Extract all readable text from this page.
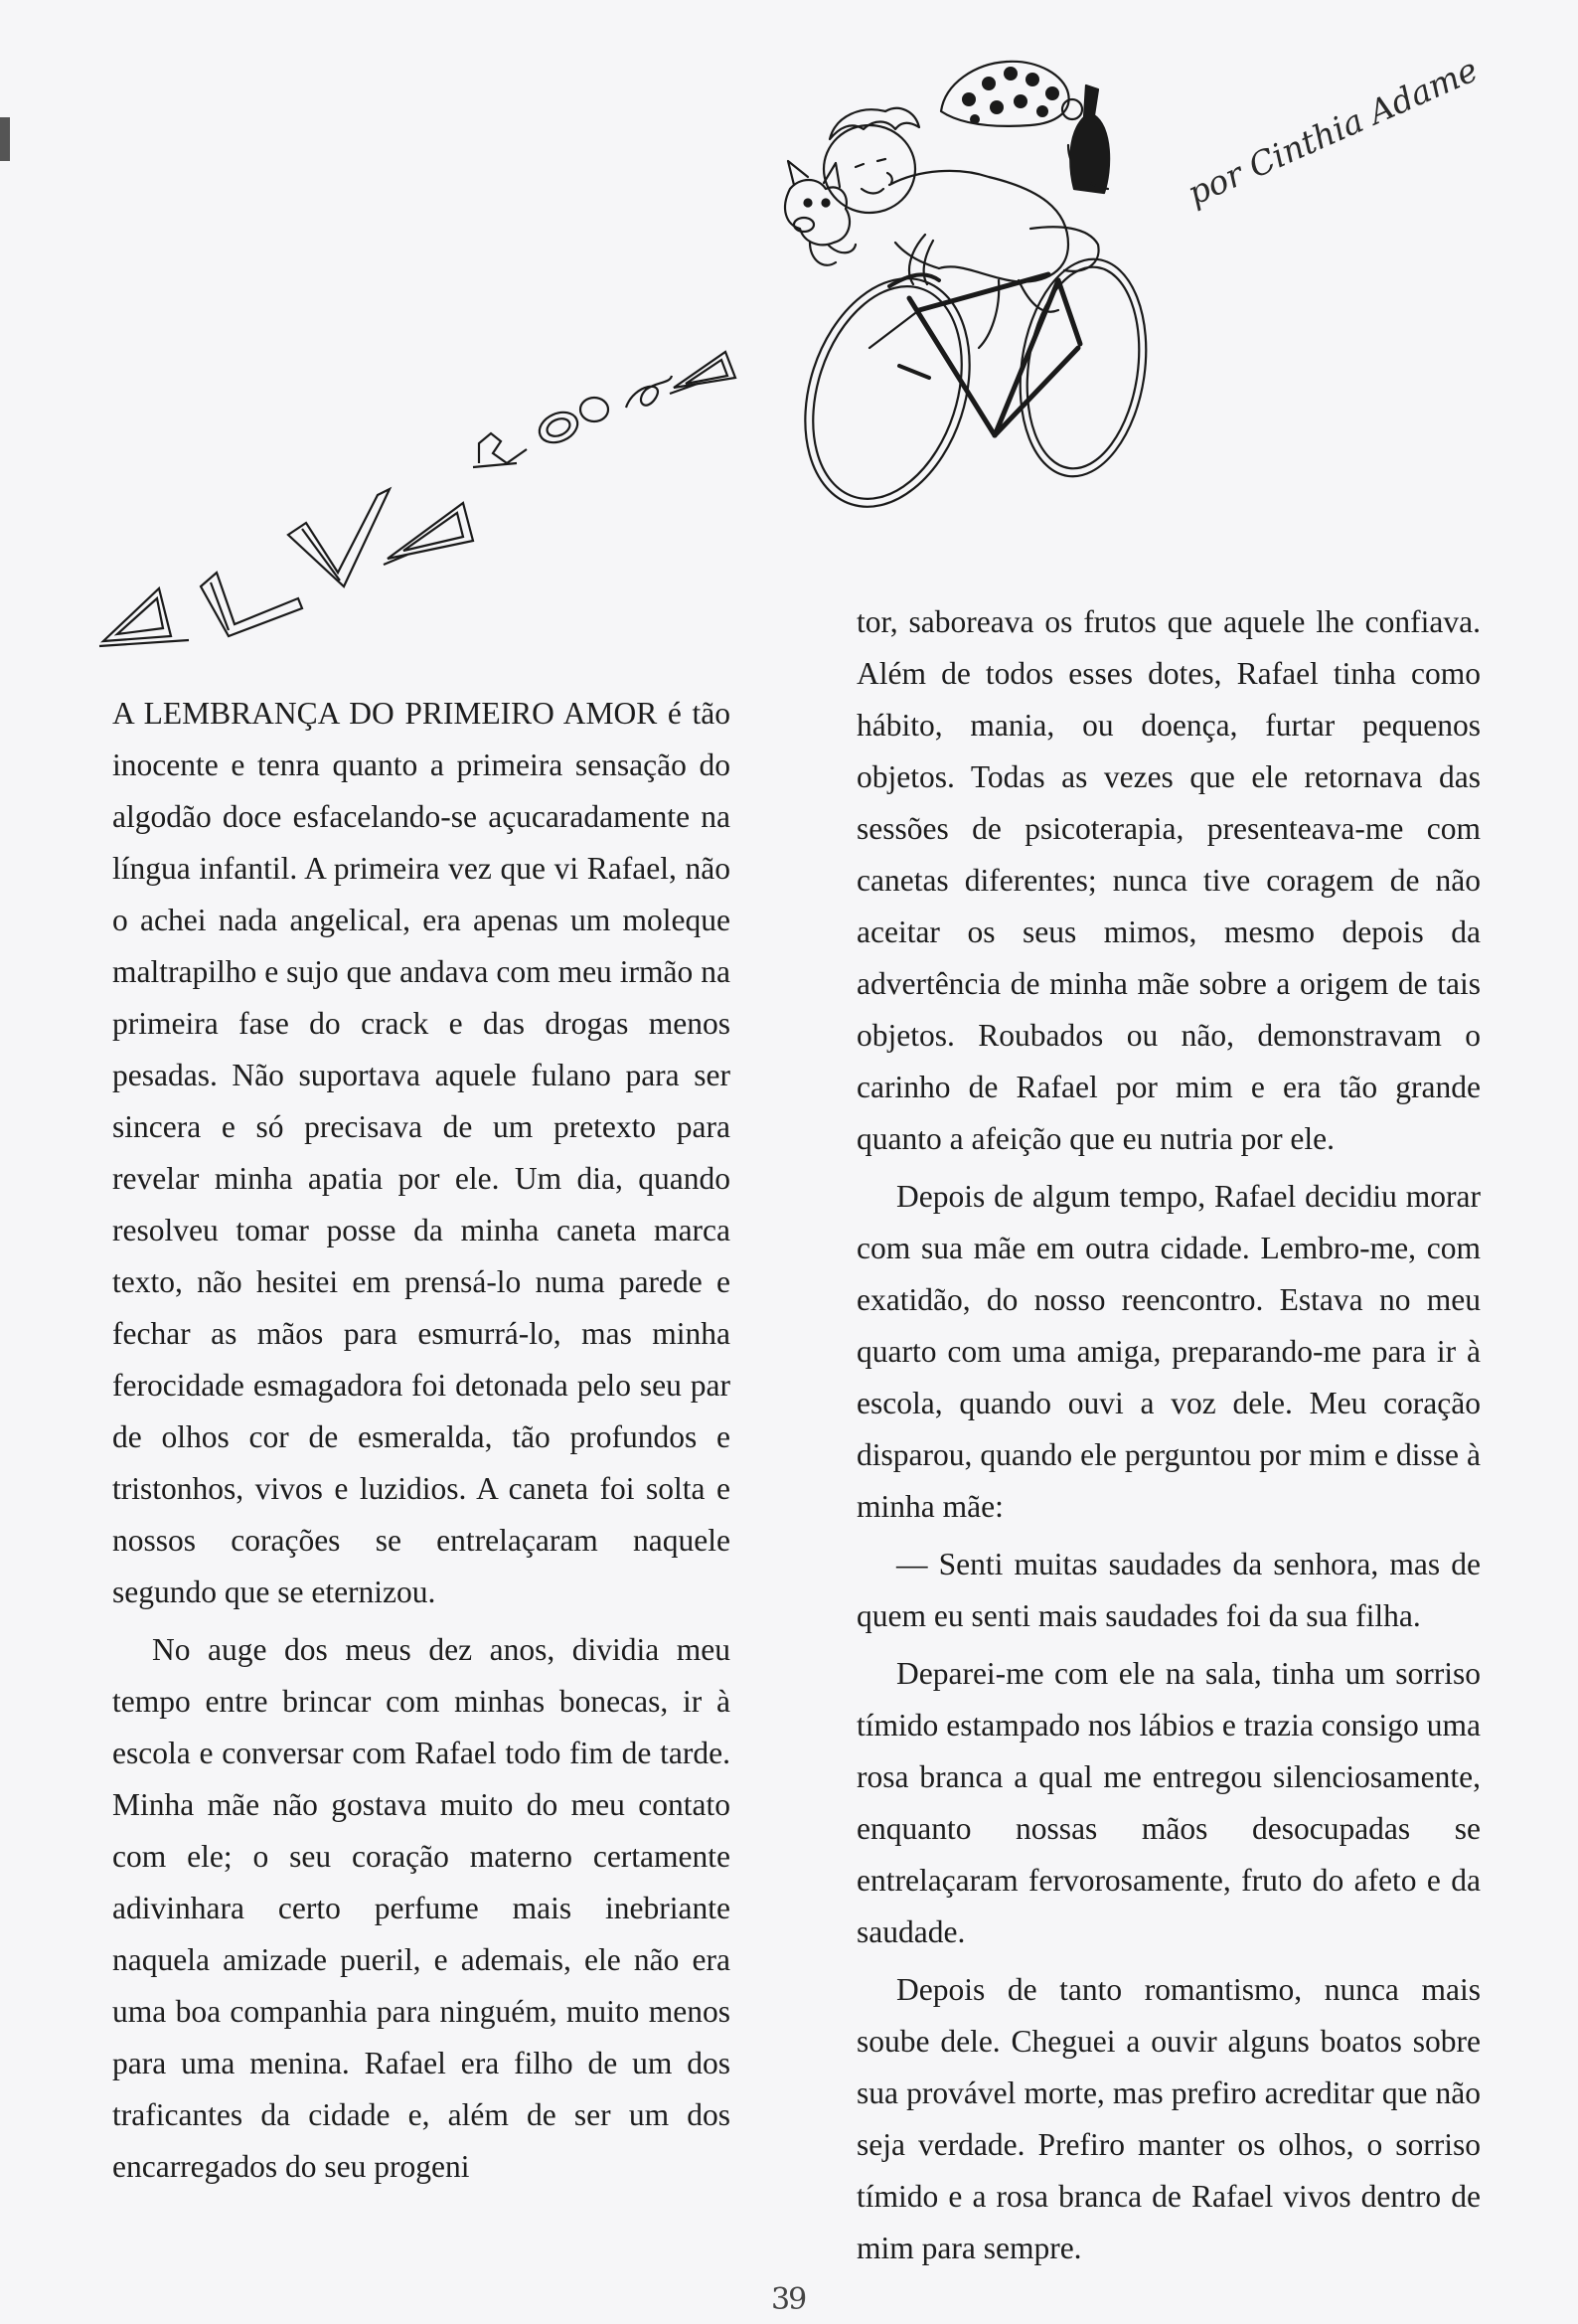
por Cinthia Adame

A LEMBRANÇA DO PRIMEIRO AMOR é tão inocente e tenra quanto a primeira sensação do algodão doce esfacelando-se açucaradamente na língua infantil. A primeira vez que vi Rafael, não o achei nada angelical, era apenas um moleque maltrapilho e sujo que andava com meu irmão na primeira fase do crack e das drogas menos pesadas. Não suportava aquele fulano para ser sincera e só precisava de um pretexto para revelar minha apatia por ele. Um dia, quando resolveu tomar posse da minha caneta marca texto, não hesitei em prensá-lo numa parede e fechar as mãos para esmurrá-lo, mas minha ferocidade esmagadora foi detonada pelo seu par de olhos cor de esmeralda, tão profundos e tristonhos, vivos e luzidios. A caneta foi solta e nossos corações se entrelaçaram naquele segundo que se eternizou.

No auge dos meus dez anos, dividia meu tempo entre brincar com minhas bonecas, ir à escola e conversar com Rafael todo fim de tarde. Minha mãe não gostava muito do meu contato com ele; o seu coração materno certamente adivinhara certo perfume mais inebriante naquela amizade pueril, e ademais, ele não era uma boa companhia para ninguém, muito menos para uma menina. Rafael era filho de um dos traficantes da cidade e, além de ser um dos encarregados do seu progeni

tor, saboreava os frutos que aquele lhe confiava. Além de todos esses dotes, Rafael tinha como hábito, mania, ou doença, furtar pequenos objetos. Todas as vezes que ele retornava das sessões de psicoterapia, presenteava-me com canetas diferentes; nunca tive coragem de não aceitar os seus mimos, mesmo depois da advertência de minha mãe sobre a origem de tais objetos. Roubados ou não, demonstravam o carinho de Rafael por mim e era tão grande quanto a afeição que eu nutria por ele.

Depois de algum tempo, Rafael decidiu morar com sua mãe em outra cidade. Lembro-me, com exatidão, do nosso reencontro. Estava no meu quarto com uma amiga, preparando-me para ir à escola, quando ouvi a voz dele. Meu coração disparou, quando ele perguntou por mim e disse à minha mãe:

— Senti muitas saudades da senhora, mas de quem eu senti mais saudades foi da sua filha.

Deparei-me com ele na sala, tinha um sorriso tímido estampado nos lábios e trazia consigo uma rosa branca a qual me entregou silenciosamente, enquanto nossas mãos desocupadas se entrelaçaram fervorosamente, fruto do afeto e da saudade.

Depois de tanto romantismo, nunca mais soube dele. Cheguei a ouvir alguns boatos sobre sua provável morte, mas prefiro acreditar que não seja verdade. Prefiro manter os olhos, o sorriso tímido e a rosa branca de Rafael vivos dentro de mim para sempre.

39
